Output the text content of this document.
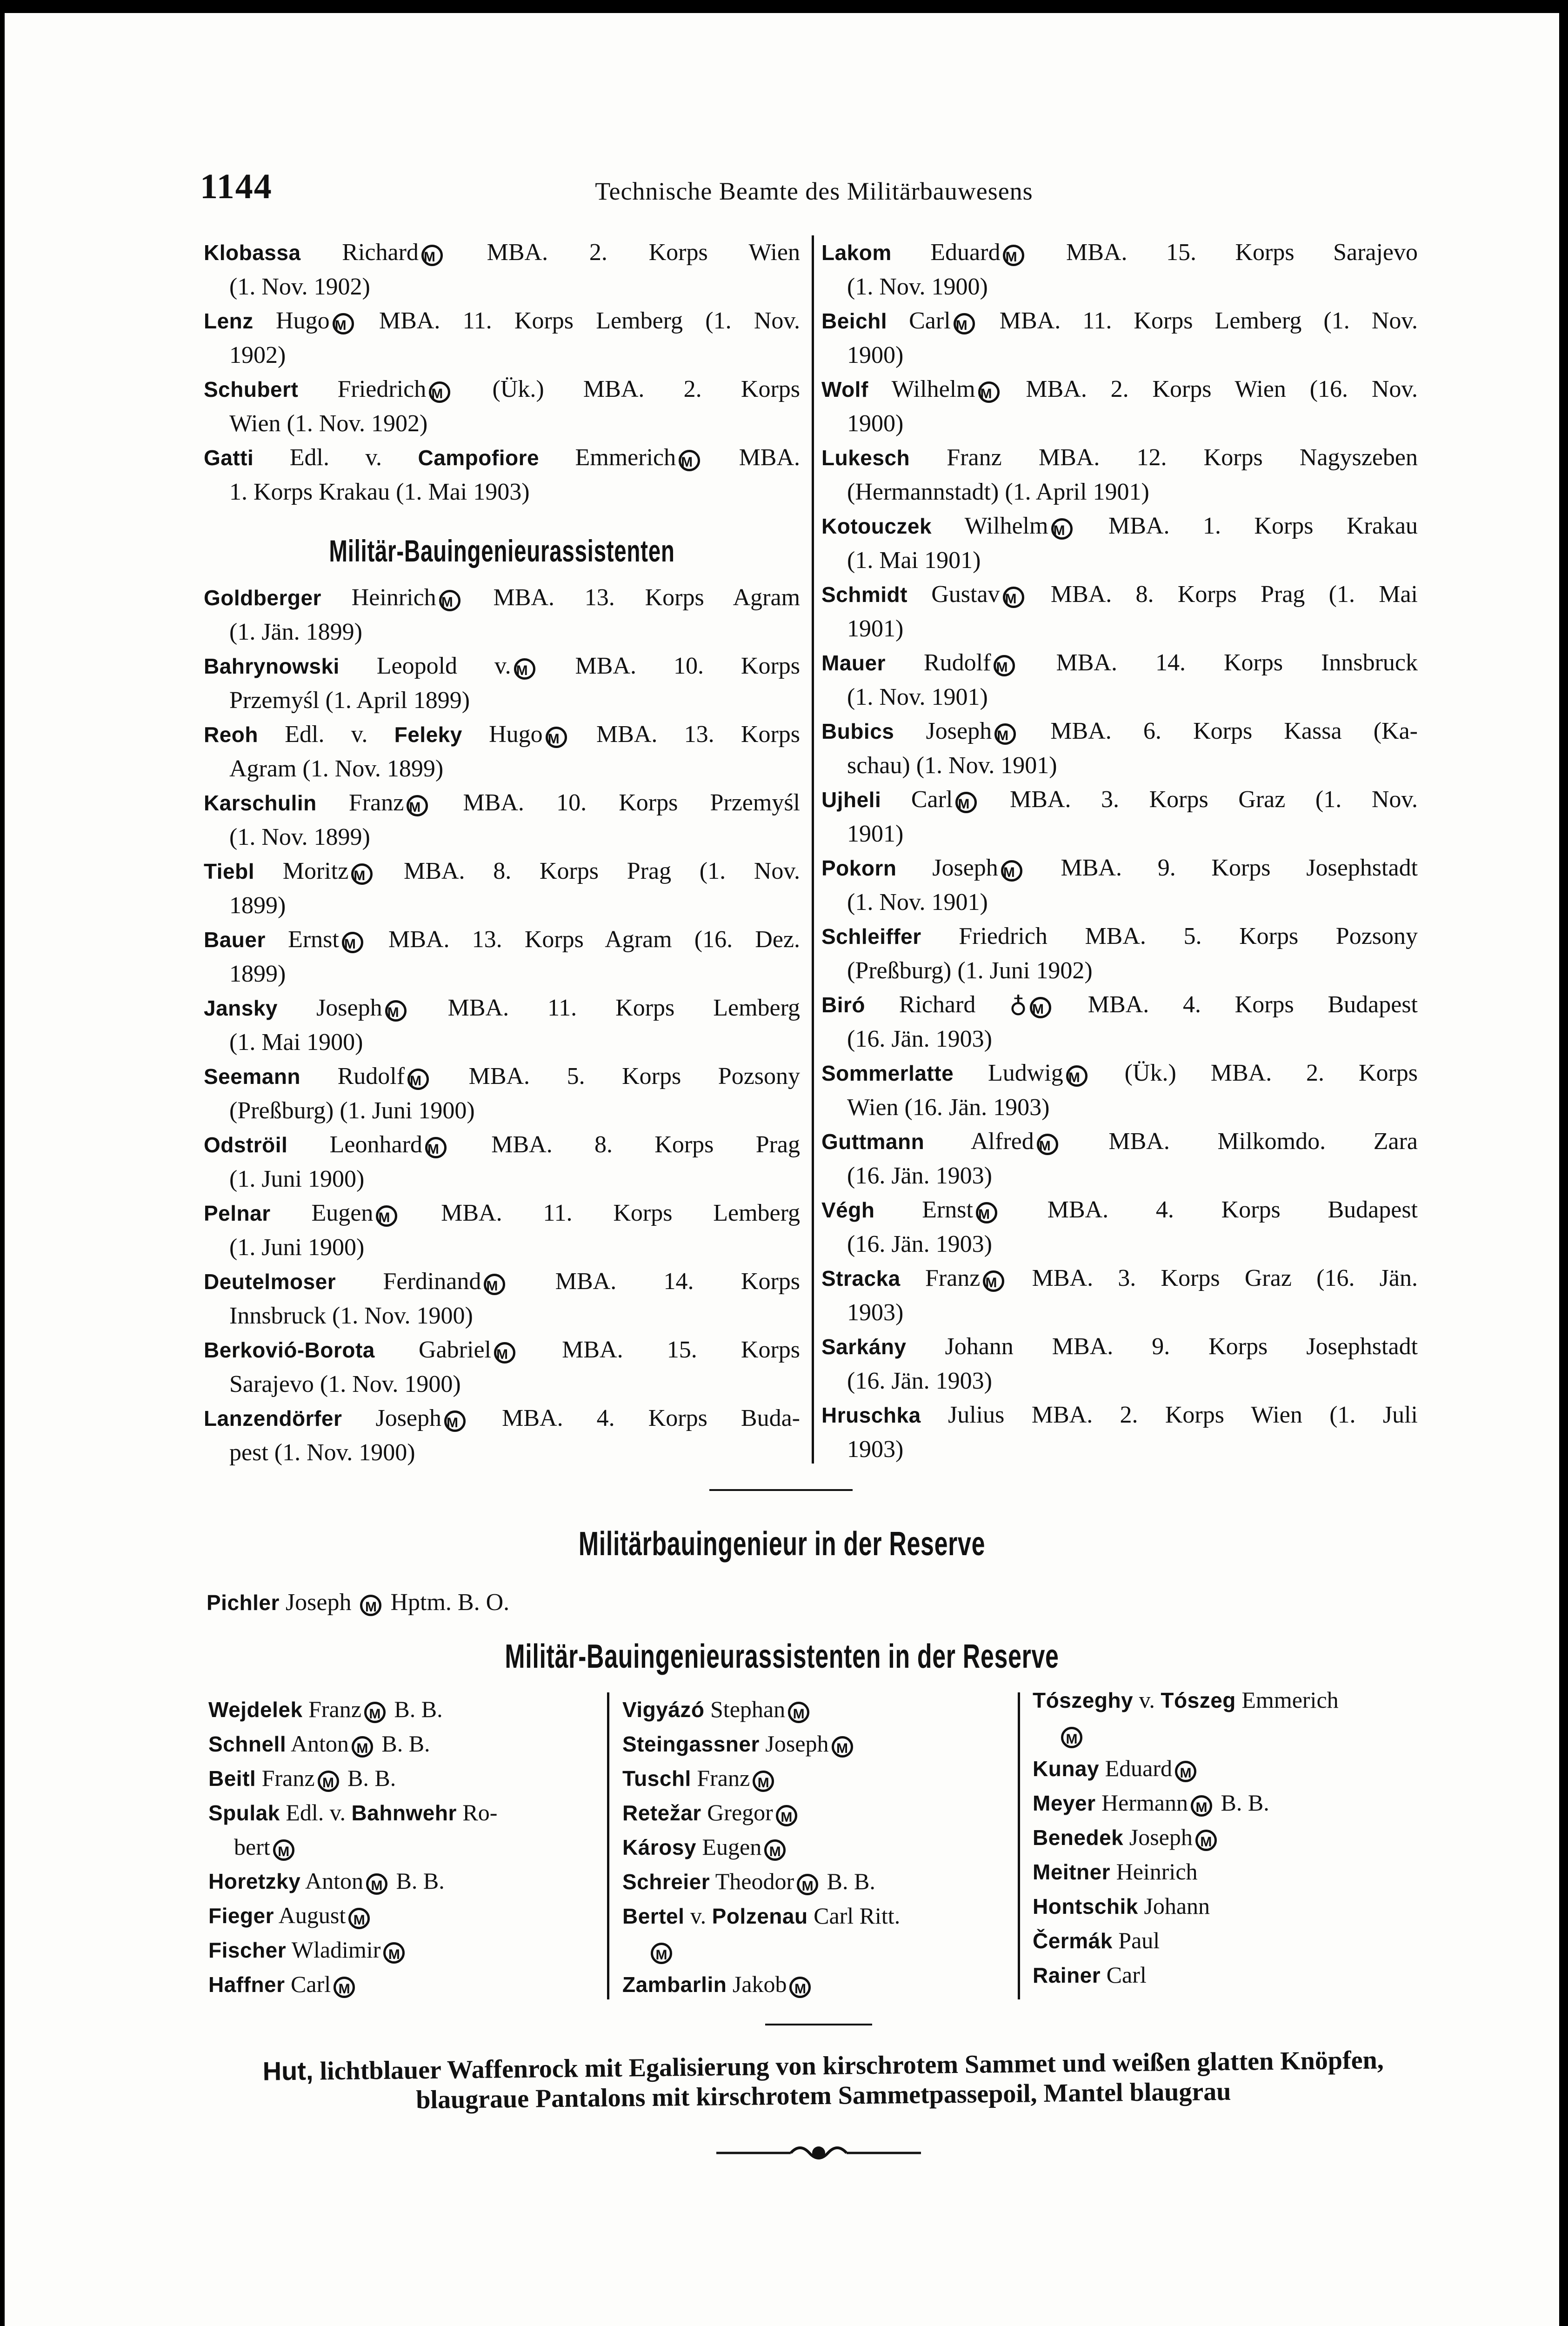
1144	Technische Beamte des Militärbauwesens
Klobassa Richard M	MBA. 2. Korps Wien
(1. Nov. 1902)
Lenz Hugo M MBA. 11. Korps Lemberg (1. Nov.
1902)
Schubert Friedrich M	(Ük.) MBA. 2. Korps
Wien (1. Nov. 1902)
Gatti Edl. v. Campofiore Emmerich M	MBA.
1. Korps Krakau (1. Mai 1903)
Militär-Bauingenieurassistenten
Goldberger Heinrich M MBA. 13. Korps Agram
(1. Jän. 1899)
Bahrynowski Leopold v. M	MBA. 10. Korps
Przemyśl (1. April 1899)
Reoh Edl. v. Feleky Hugo M MBA. 13. Korps
Agram (1. Nov. 1899)
Karschulin Franz M MBA. 10. Korps Przemyśl
(1. Nov. 1899)
Tiebl Moritz M MBA. 8. Korps Prag (1. Nov.
1899)
Bauer Ernst M MBA. 13. Korps Agram (16. Dez.
1899)
Jansky Joseph M	MBA. 11. Korps Lemberg
(1. Mai 1900)
Seemann Rudolf M	MBA. 5. Korps Pozsony
(Preßburg) (1. Juni 1900)
Odströil Leonhard M	MBA. 8. Korps Prag
(1. Juni 1900)
Pelnar Eugen M	MBA. 11. Korps Lemberg
(1. Juni 1900)
Deutelmoser Ferdinand M	MBA. 14. Korps
Innsbruck (1. Nov. 1900)
Berkovió-Borota Gabriel M	MBA. 15. Korps
Sarajevo (1. Nov. 1900)
Lanzendörfer Joseph M	MBA. 4. Korps Buda-
pest (1. Nov. 1900)
Lakom Eduard M	MBA. 15. Korps Sarajevo
(1. Nov. 1900)
Beichl Carl M MBA. 11. Korps Lemberg (1. Nov.
1900)
Wolf Wilhelm M MBA. 2. Korps Wien (16. Nov.
1900)
Lukesch Franz MBA. 12. Korps Nagyszeben
(Hermannstadt) (1. April 1901)
Kotouczek Wilhelm M MBA. 1. Korps Krakau
(1. Mai 1901)
Schmidt Gustav M MBA. 8. Korps Prag (1. Mai
1901)
Mauer Rudolf M	MBA. 14. Korps Innsbruck
(1. Nov. 1901)
Bubics Joseph M MBA. 6. Korps Kassa (Ka-
schau) (1. Nov. 1901)
Ujheli Carl M MBA. 3. Korps Graz (1. Nov.
1901)
Pokorn Joseph M	MBA. 9. Korps Josephstadt
(1. Nov. 1901)
Schleiffer Friedrich MBA. 5. Korps Pozsony
(Preßburg) (1. Juni 1902)
Biró Richard ♁ M	MBA. 4. Korps Budapest
(16. Jän. 1903)
Sommerlatte Ludwig M	(Ük.) MBA. 2. Korps
Wien (16. Jän. 1903)
Guttmann Alfred M	MBA. Milkomdo. Zara
(16. Jän. 1903)
Végh Ernst M	MBA. 4. Korps Budapest
(16. Jän. 1903)
Stracka Franz M MBA. 3. Korps Graz (16. Jän.
1903)
Sarkány Johann MBA. 9. Korps Josephstadt
(16. Jän. 1903)
Hruschka Julius MBA. 2. Korps Wien (1. Juli
1903)
Militärbauingenieur in der Reserve
Pichler Joseph M Hptm. B. O.
Militär-Bauingenieurassistenten in der Reserve
Wejdelek Franz M B. B.
Schnell Anton M B. B.
Beitl Franz M B. B.
Spulak Edl. v. Bahnwehr Ro-
bertM
Horetzky Anton M B. B.
Fieger AugustM
Fischer WladimirM
Haffner CarlM
Vigyázó StephanM
Steingassner JosephM
Tuschl FranzM
Retežar GregorM
Károsy EugenM
Schreier Theodor M B. B.
Bertel v. Polzenau Carl Ritt.
M
Zambarlin JakobM
Tószeghy v. Tószeg Emmerich
M
Kunay EduardM
Meyer Hermann M B. B.
Benedek JosephM
Meitner Heinrich
Hontschik Johann
Čermák Paul
Rainer Carl
Hut, lichtblauer Waffenrock mit Egalisierung von kirschrotem Sammet und weißen glatten Knöpfen, blaugraue Pantalons mit kirschrotem Sammetpassepoil, Mantel blaugrau
